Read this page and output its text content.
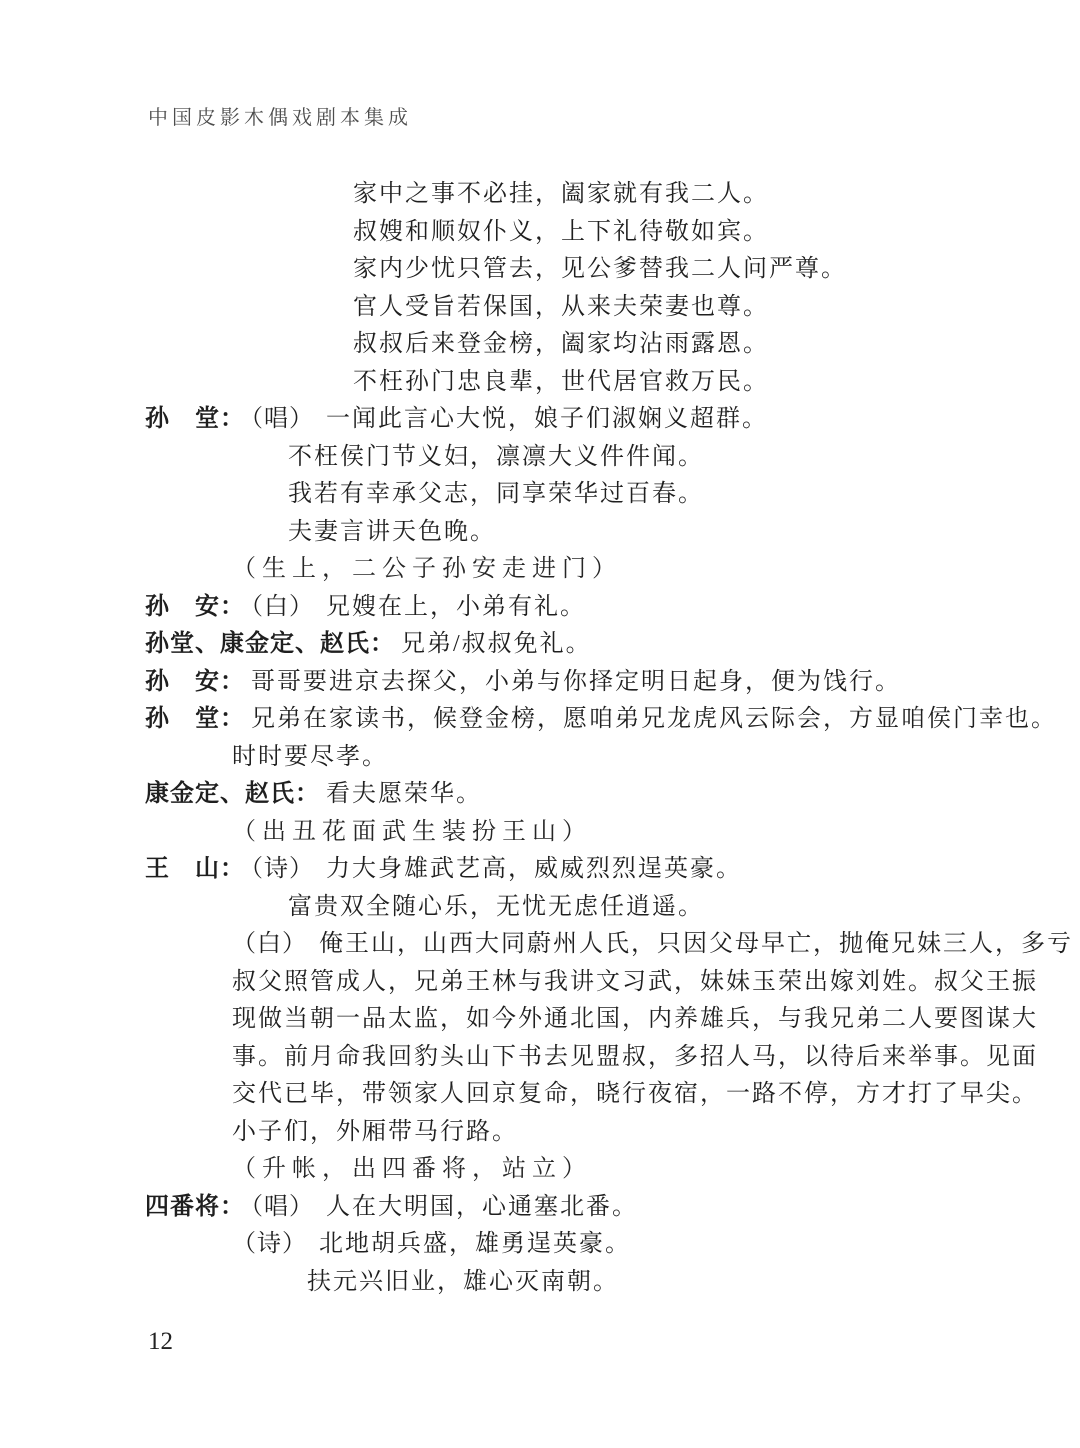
中国皮影木偶戏剧本集成
家中之事不必挂，阖家就有我二人。
叔嫂和顺奴仆义，上下礼待敬如宾。
家内少忧只管去，见公爹替我二人问严尊。
官人受旨若保国，从来夫荣妻也尊。
叔叔后来登金榜，阖家均沾雨露恩。
不枉孙门忠良辈，世代居官救万民。
孙　堂： （唱） 一闻此言心大悦，娘子们淑娴义超群。
不枉侯门节义妇，凛凛大义件件闻。
我若有幸承父志，同享荣华过百春。
夫妻言讲天色晚。
（生上，二公子孙安走进门）
孙　安： （白） 兄嫂在上，小弟有礼。
孙堂、康金定、赵氏： 兄弟/叔叔免礼。
孙　安： 哥哥要进京去探父，小弟与你择定明日起身，便为饯行。
孙　堂： 兄弟在家读书，候登金榜，愿咱弟兄龙虎风云际会，方显咱侯门幸也。
时时要尽孝。
康金定、赵氏： 看夫愿荣华。
（出丑花面武生装扮王山）
王　山： （诗） 力大身雄武艺高，威威烈烈逞英豪。
富贵双全随心乐，无忧无虑任逍遥。
（白） 俺王山，山西大同蔚州人氏，只因父母早亡，抛俺兄妹三人，多亏
叔父照管成人，兄弟王林与我讲文习武，妹妹玉荣出嫁刘姓。叔父王振
现做当朝一品太监，如今外通北国，内养雄兵，与我兄弟二人要图谋大
事。前月命我回豹头山下书去见盟叔，多招人马，以待后来举事。见面
交代已毕，带领家人回京复命，晓行夜宿，一路不停，方才打了早尖。
小子们，外厢带马行路。
（升帐，出四番将，站立）
四番将： （唱） 人在大明国，心通塞北番。
（诗） 北地胡兵盛，雄勇逞英豪。
扶元兴旧业，雄心灭南朝。
12
